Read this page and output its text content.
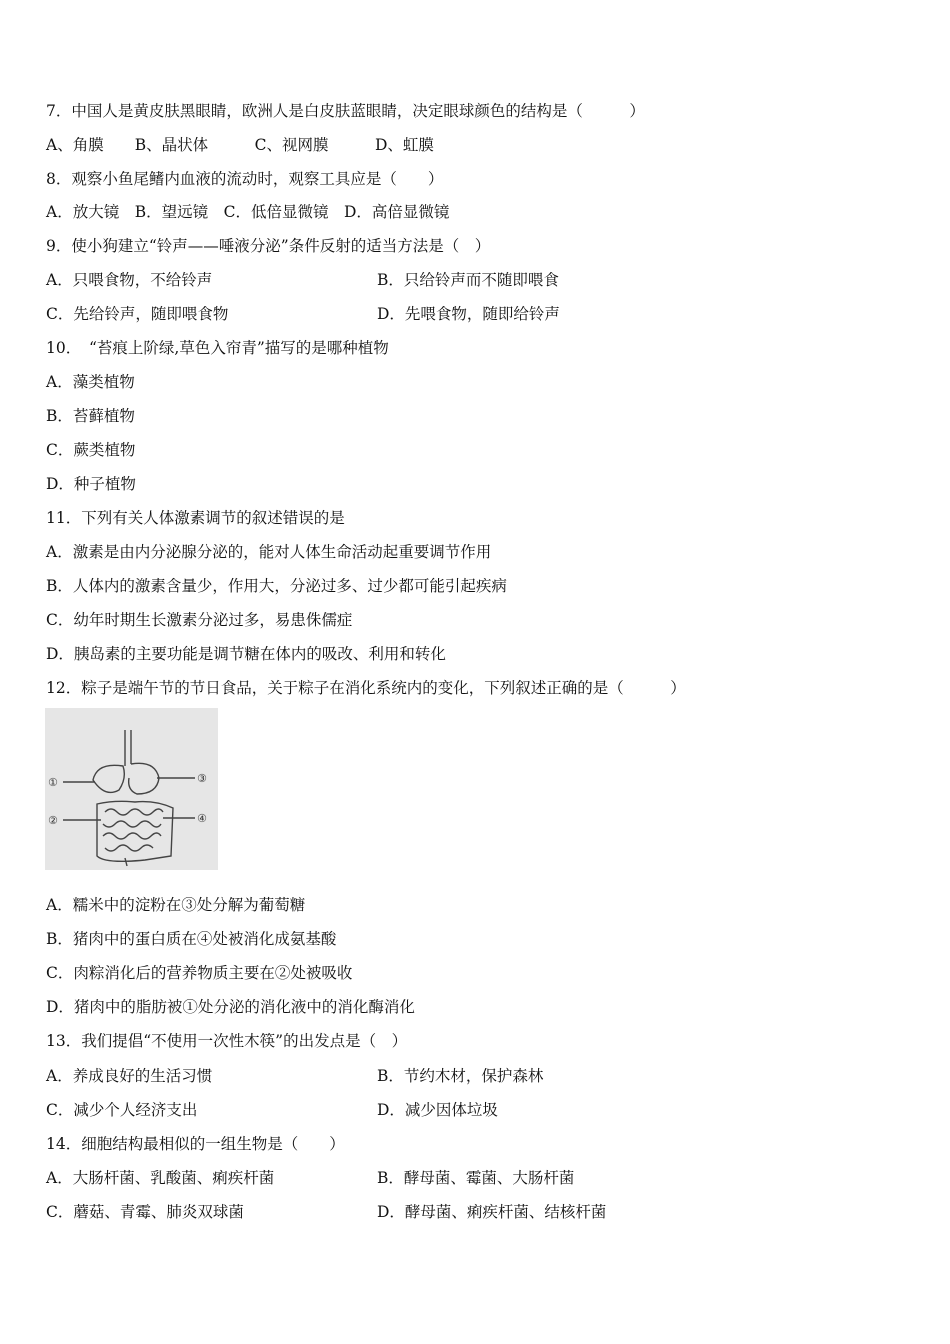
7．中国人是黄皮肤黑眼睛，欧洲人是白皮肤蓝眼睛，决定眼球颜色的结构是（　　　）
A、角膜　　B、晶状体　　　C、视网膜　　　D、虹膜
8．观察小鱼尾鳍内血液的流动时，观察工具应是（　　）
A．放大镜　B．望远镜　C．低倍显微镜　D．高倍显微镜
9．使小狗建立“铃声——唾液分泌”条件反射的适当方法是（　）
A．只喂食物，不给铃声	B．只给铃声而不随即喂食
C．先给铃声，随即喂食物	D．先喂食物，随即给铃声
10．　“苔痕上阶绿,草色入帘青”描写的是哪种植物
A．藻类植物
B．苔藓植物
C．蕨类植物
D．种子植物
11．下列有关人体激素调节的叙述错误的是
A．激素是由内分泌腺分泌的，能对人体生命活动起重要调节作用
B．人体内的激素含量少，作用大，分泌过多、过少都可能引起疾病
C．幼年时期生长激素分泌过多，易患侏儒症
D．胰岛素的主要功能是调节糖在体内的吸改、利用和转化
12．粽子是端午节的节日食品，关于粽子在消化系统内的变化，下列叙述正确的是（　　　）
①
②
③
④
A．糯米中的淀粉在③处分解为葡萄糖
B．猪肉中的蛋白质在④处被消化成氨基酸
C．肉粽消化后的营养物质主要在②处被吸收
D．猪肉中的脂肪被①处分泌的消化液中的消化酶消化
13．我们提倡“不使用一次性木筷”的出发点是（　）
A．养成良好的生活习惯	B．节约木材，保护森林
C．减少个人经济支出	D．减少因体垃圾
14．细胞结构最相似的一组生物是（　　）
A．大肠杆菌、乳酸菌、痢疾杆菌	B．酵母菌、霉菌、大肠杆菌
C．蘑菇、青霉、肺炎双球菌	D．酵母菌、痢疾杆菌、结核杆菌
